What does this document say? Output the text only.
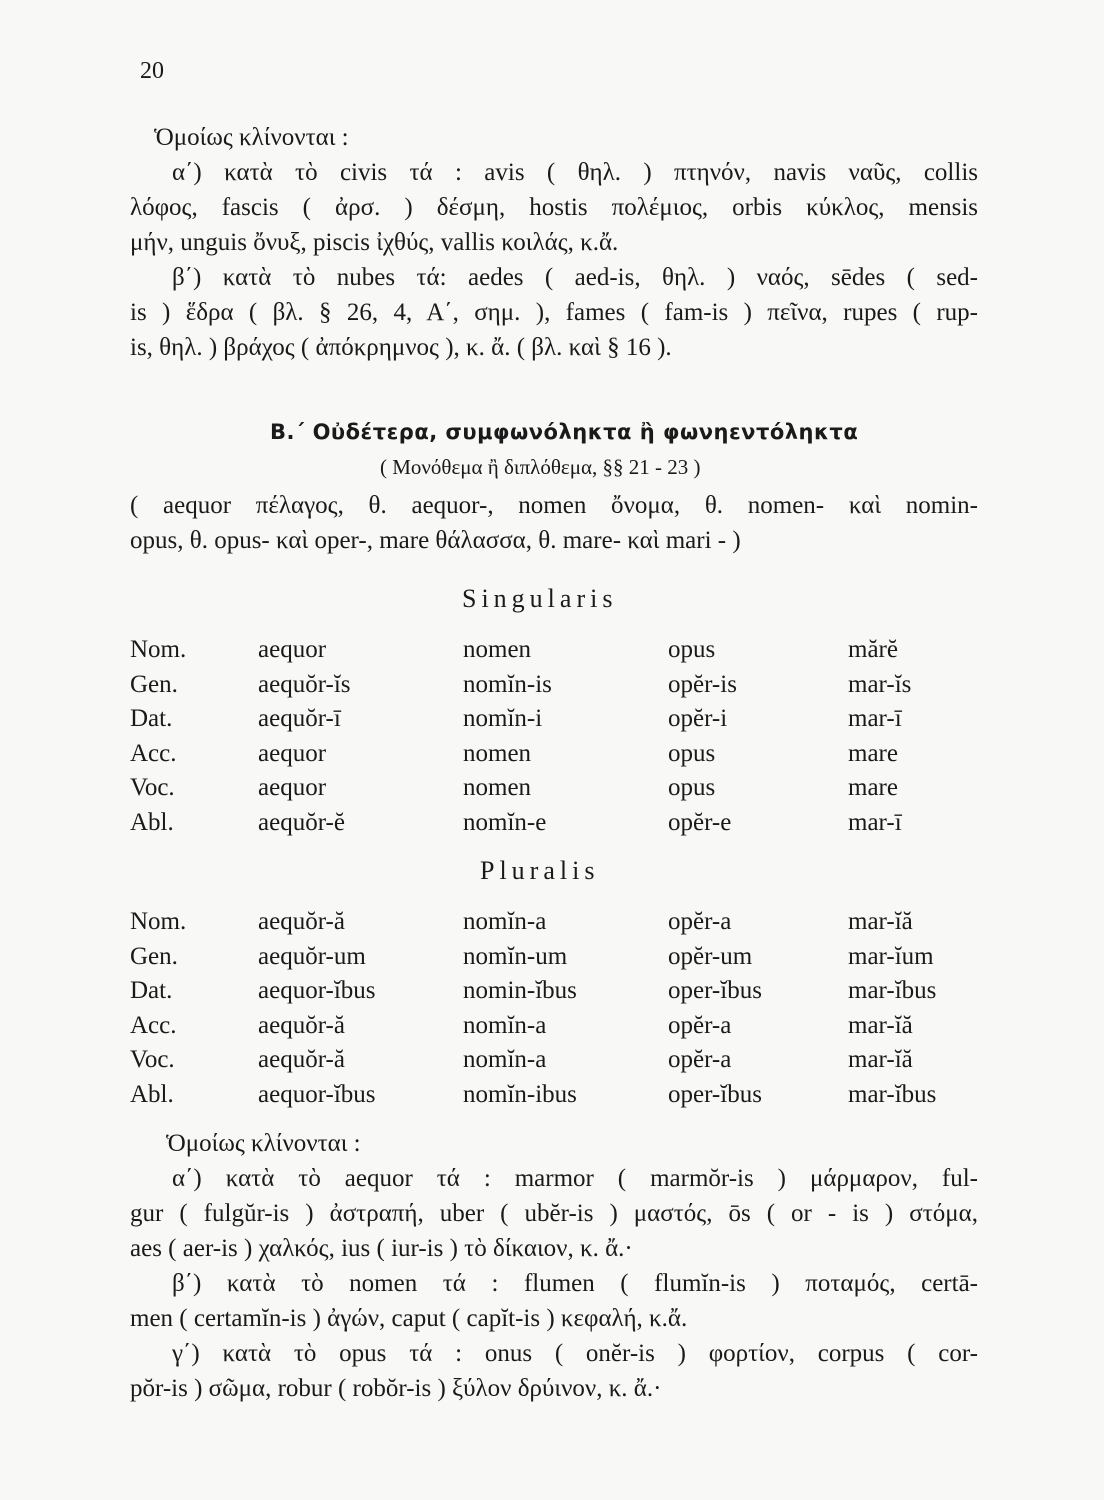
20
Ὁμοίως κλίνονται :
α΄) κατὰ τὸ civis τά : avis ( θηλ. ) πτηνόν, navis ναῦς, collis
λόφος, fascis ( ἀρσ. ) δέσμη, hostis πολέμιος, orbis κύκλος, mensis
μήν, unguis ὄνυξ, piscis ἰχθύς, vallis κοιλάς, κ.ἄ.
β΄) κατὰ τὸ nubes τά: aedes ( aed-is, θηλ. ) ναός, sēdes ( sed-
is ) ἕδρα ( βλ. § 26, 4, Α΄, σημ. ), fames ( fam-is ) πεῖνα, rupes ( rup-
is, θηλ. ) βράχος ( ἀπόκρημνος ), κ. ἄ. ( βλ. καὶ § 16 ).
Β.΄ Οὐδέτερα, συμφωνόληκτα ἢ φωνηεντόληκτα
( Μονόθεμα ἢ διπλόθεμα, §§ 21 - 23 )
( aequor πέλαγος, θ. aequor-, nomen ὄνομα, θ. nomen- καὶ nomin-
opus, θ. opus- καὶ oper-, mare θάλασσα, θ. mare- καὶ mari - )
Singularis
Nom.	aequor	nomen	opus	mărĕ
Gen.	aequŏr-ĭs	nomĭn-is	opĕr-is	mar-ĭs
Dat.	aequŏr-ī	nomĭn-i	opĕr-i	mar-ī
Acc.	aequor	nomen	opus	mare
Voc.	aequor	nomen	opus	mare
Abl.	aequŏr-ĕ	nomĭn-e	opĕr-e	mar-ī
Pluralis
Nom.	aequŏr-ă	nomĭn-a	opĕr-a	mar-ĭă
Gen.	aequŏr-um	nomĭn-um	opĕr-um	mar-ĭum
Dat.	aequor-ĭbus	nomin-ĭbus	oper-ĭbus	mar-ĭbus
Acc.	aequŏr-ă	nomĭn-a	opĕr-a	mar-ĭă
Voc.	aequŏr-ă	nomĭn-a	opĕr-a	mar-ĭă
Abl.	aequor-ĭbus	nomĭn-ibus	oper-ĭbus	mar-ĭbus
Ὁμοίως κλίνονται :
α΄) κατὰ τὸ aequor τά : marmor ( marmŏr-is ) μάρμαρον, ful-
gur ( fulgŭr-is ) ἀστραπή, uber ( ubĕr-is ) μαστός, ōs ( or - is ) στόμα,
aes ( aer-is ) χαλκός, ius ( iur-is ) τὸ δίκαιον, κ. ἄ.·
β΄) κατὰ τὸ nomen τά : flumen ( flumĭn-is ) ποταμός, certā-
men ( certamĭn-is ) ἀγών, caput ( capĭt-is ) κεφαλή, κ.ἄ.
γ΄) κατὰ τὸ opus τά : onus ( onĕr-is ) φορτίον, corpus ( cor-
pŏr-is ) σῶμα, robur ( robŏr-is ) ξύλον δρύινον, κ. ἄ.·
